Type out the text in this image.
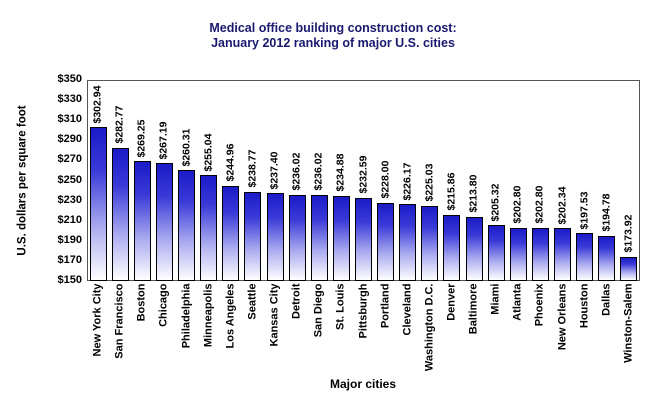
Medical office building construction cost:
January 2012 ranking of major U.S. cities
U.S. dollars per square foot
Major cities
$350
$330
$310
$290
$270
$250
$230
$210
$190
$170
$150
$302.94
New York City
$282.77
San Francisco
$269.25
Boston
$267.19
Chicago
$260.31
Philadelphia
$255.04
Minneapolis
$244.96
Los Angeles
$238.77
Seattle
$237.40
Kansas City
$236.02
Detroit
$236.02
San Diego
$234.88
St. Louis
$232.59
Pittsburgh
$228.00
Portland
$226.17
Cleveland
$225.03
Washington D.C.
$215.86
Denver
$213.80
Baltimore
$205.32
Miami
$202.80
Atlanta
$202.80
Phoenix
$202.34
New Orleans
$197.53
Houston
$194.78
Dallas
$173.92
Winston-Salem
